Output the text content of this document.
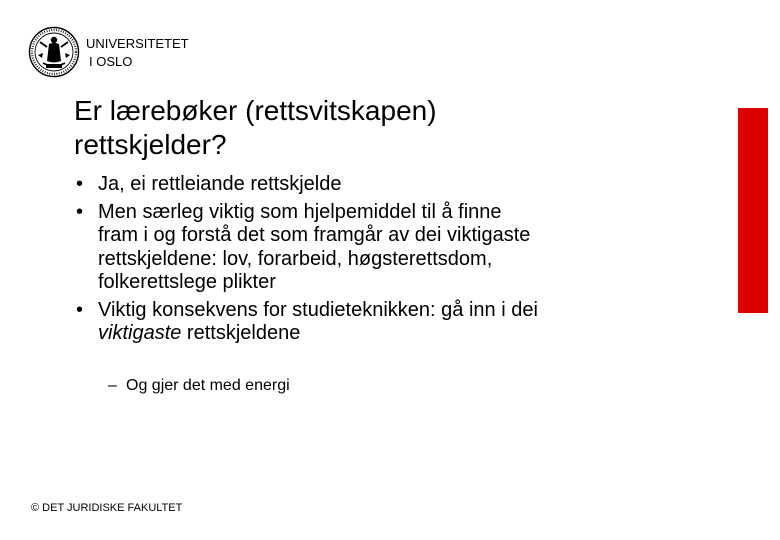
UNIVERSITETET
I OSLO
Er lærebøker (rettsvitskapen)
rettskjelder?
• Ja, ei rettleiande rettskjelde
• Men særleg viktig som hjelpemiddel til å finne
fram i og forstå det som framgår av dei viktigaste
rettskjeldene: lov, forarbeid, høgsterettsdom,
folkerettslege plikter
• Viktig konsekvens for studieteknikken: gå inn i dei
viktigaste rettskjeldene
– Og gjer det med energi
© DET JURIDISKE FAKULTET
